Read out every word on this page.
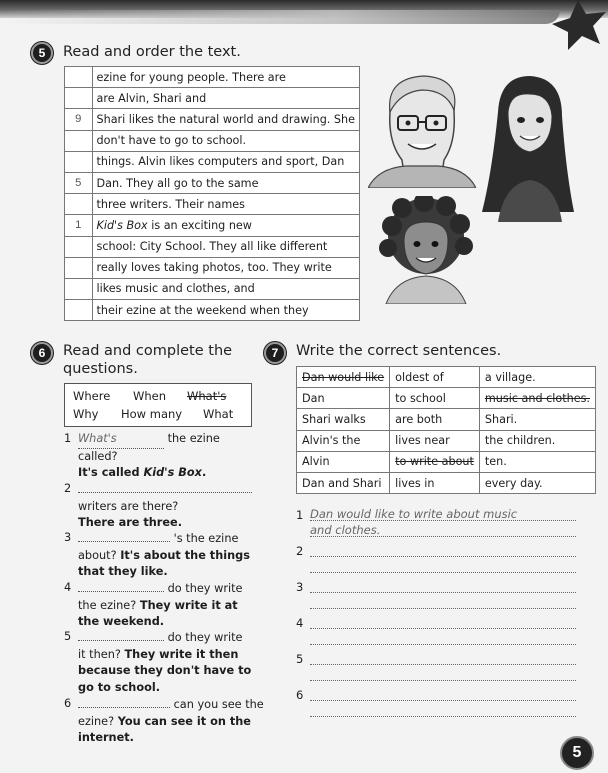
5	Read and order the text.
	ezine for young people. There are
	are Alvin, Shari and
9	Shari likes the natural world and drawing. She
	don't have to go to school.
	things. Alvin likes computers and sport, Dan
5	Dan. They all go to the same
	three writers. Their names
1	Kid's Box is an exciting new
	school: City School. They all like different
	really loves taking photos, too. They write
	likes music and clothes, and
	their ezine at the weekend when they
6	Read and complete the
questions.
Where When What's
Why How many What
1 What's	the ezine
called?
It's called Kid's Box.
2

writers are there?
There are three.
3	's the ezine
about? It's about the things
that they like.
4	do they write
the ezine? They write it at
the weekend.
5	do they write
it then? They write it then
because they don't have to
go to school.
6	can you see the
ezine? You can see it on the
internet.
7	Write the correct sentences.
Dan would like	oldest of	a village.
Dan	to school	music and clothes.
Shari walks	are both	Shari.
Alvin's the	lives near	the children.
Alvin	to write about	ten.
Dan and Shari	lives in	every day.
1 Dan would like to write about music
and clothes.
2
3
4
5
6
5
